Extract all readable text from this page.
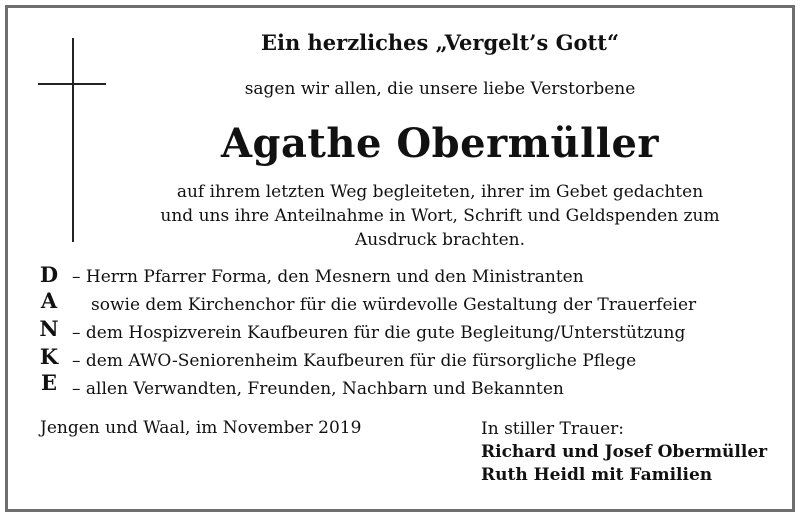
Ein herzliches „Vergelt’s Gott“
sagen wir allen, die unsere liebe Verstorbene
Agathe Obermüller
auf ihrem letzten Weg begleiteten, ihrer im Gebet gedachten
und uns ihre Anteilnahme in Wort, Schrift und Geldspenden zum
Ausdruck brachten.
D
A
N
K
E
– Herrn Pfarrer Forma, den Mesnern und den Ministranten
sowie dem Kirchenchor für die würdevolle Gestaltung der Trauerfeier
– dem Hospizverein Kaufbeuren für die gute Begleitung/Unterstützung
– dem AWO-Seniorenheim Kaufbeuren für die fürsorgliche Pflege
– allen Verwandten, Freunden, Nachbarn und Bekannten
Jengen und Waal, im November 2019	In stiller Trauer:
Richard und Josef Obermüller
Ruth Heidl mit Familien
